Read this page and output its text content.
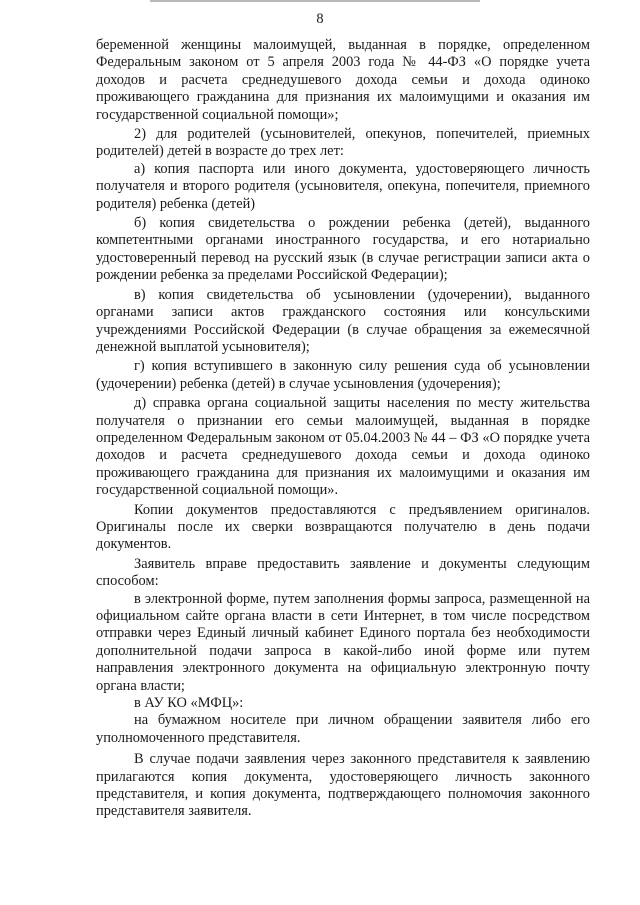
8

беременной женщины малоимущей, выданная в порядке, определенном Федеральным законом от 5 апреля 2003 года № 44-ФЗ «О порядке учета доходов и расчета среднедушевого дохода семьи и дохода одиноко проживающего гражданина для признания их малоимущими и оказания им государственной социальной помощи»;

2) для родителей (усыновителей, опекунов, попечителей, приемных родителей) детей в возрасте до трех лет:

а) копия паспорта или иного документа, удостоверяющего личность получателя и второго родителя (усыновителя, опекуна, попечителя, приемного родителя) ребенка (детей)

б) копия свидетельства о рождении ребенка (детей), выданного компетентными органами иностранного государства, и его нотариально удостоверенный перевод на русский язык (в случае регистрации записи акта о рождении ребенка за пределами Российской Федерации);

в) копия свидетельства об усыновлении (удочерении), выданного органами записи актов гражданского состояния или консульскими учреждениями Российской Федерации (в случае обращения за ежемесячной денежной выплатой усыновителя);

г) копия вступившего в законную силу решения суда об усыновлении (удочерении) ребенка (детей) в случае усыновления (удочерения);

д) справка органа социальной защиты населения по месту жительства получателя о признании его семьи малоимущей, выданная в порядке определенном Федеральным законом от 05.04.2003 № 44 – ФЗ «О порядке учета доходов и расчета среднедушевого дохода семьи и дохода одиноко проживающего гражданина для признания их малоимущими и оказания им государственной социальной помощи».

Копии документов предоставляются с предъявлением оригиналов. Оригиналы после их сверки возвращаются получателю в день подачи документов.

Заявитель вправе предоставить заявление и документы следующим способом:

в электронной форме, путем заполнения формы запроса, размещенной на официальном сайте органа власти в сети Интернет, в том числе посредством отправки через Единый личный кабинет Единого портала без необходимости дополнительной подачи запроса в какой-либо иной форме или путем направления электронного документа на официальную электронную почту органа власти;

в АУ КО «МФЦ»:

на бумажном носителе при личном обращении заявителя либо его уполномоченного представителя.

В случае подачи заявления через законного представителя к заявлению прилагаются копия документа, удостоверяющего личность законного представителя, и копия документа, подтверждающего полномочия законного представителя заявителя.
